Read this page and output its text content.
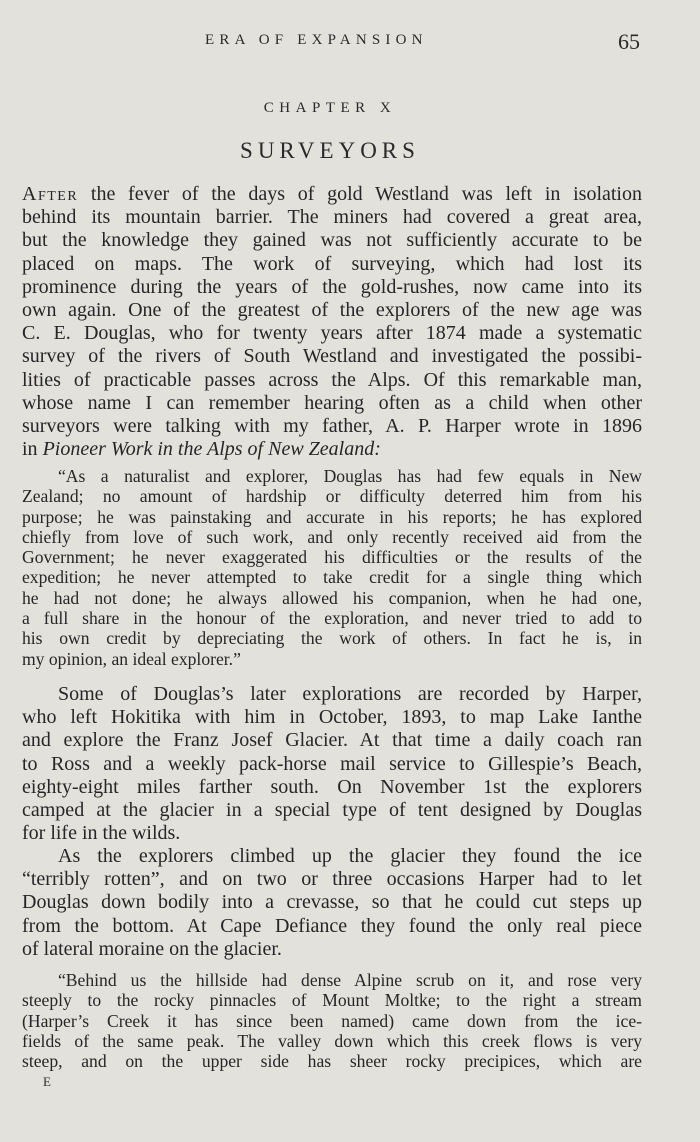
ERA OF EXPANSION	65
CHAPTER X
SURVEYORS
After the fever of the days of gold Westland was left in isolation
behind its mountain barrier. The miners had covered a great area,
but the knowledge they gained was not sufficiently accurate to be
placed on maps. The work of surveying, which had lost its
prominence during the years of the gold-rushes, now came into its
own again. One of the greatest of the explorers of the new age was
C. E. Douglas, who for twenty years after 1874 made a systematic
survey of the rivers of South Westland and investigated the possibi-
lities of practicable passes across the Alps. Of this remarkable man,
whose name I can remember hearing often as a child when other
surveyors were talking with my father, A. P. Harper wrote in 1896
in Pioneer Work in the Alps of New Zealand:
“As a naturalist and explorer, Douglas has had few equals in New
Zealand; no amount of hardship or difficulty deterred him from his
purpose; he was painstaking and accurate in his reports; he has explored
chiefly from love of such work, and only recently received aid from the
Government; he never exaggerated his difficulties or the results of the
expedition; he never attempted to take credit for a single thing which
he had not done; he always allowed his companion, when he had one,
a full share in the honour of the exploration, and never tried to add to
his own credit by depreciating the work of others. In fact he is, in
my opinion, an ideal explorer.”
Some of Douglas’s later explorations are recorded by Harper,
who left Hokitika with him in October, 1893, to map Lake Ianthe
and explore the Franz Josef Glacier. At that time a daily coach ran
to Ross and a weekly pack-horse mail service to Gillespie’s Beach,
eighty-eight miles farther south. On November 1st the explorers
camped at the glacier in a special type of tent designed by Douglas
for life in the wilds.
As the explorers climbed up the glacier they found the ice
“terribly rotten”, and on two or three occasions Harper had to let
Douglas down bodily into a crevasse, so that he could cut steps up
from the bottom. At Cape Defiance they found the only real piece
of lateral moraine on the glacier.
“Behind us the hillside had dense Alpine scrub on it, and rose very
steeply to the rocky pinnacles of Mount Moltke; to the right a stream
(Harper’s Creek it has since been named) came down from the ice-
fields of the same peak. The valley down which this creek flows is very
steep, and on the upper side has sheer rocky precipices, which are
E
